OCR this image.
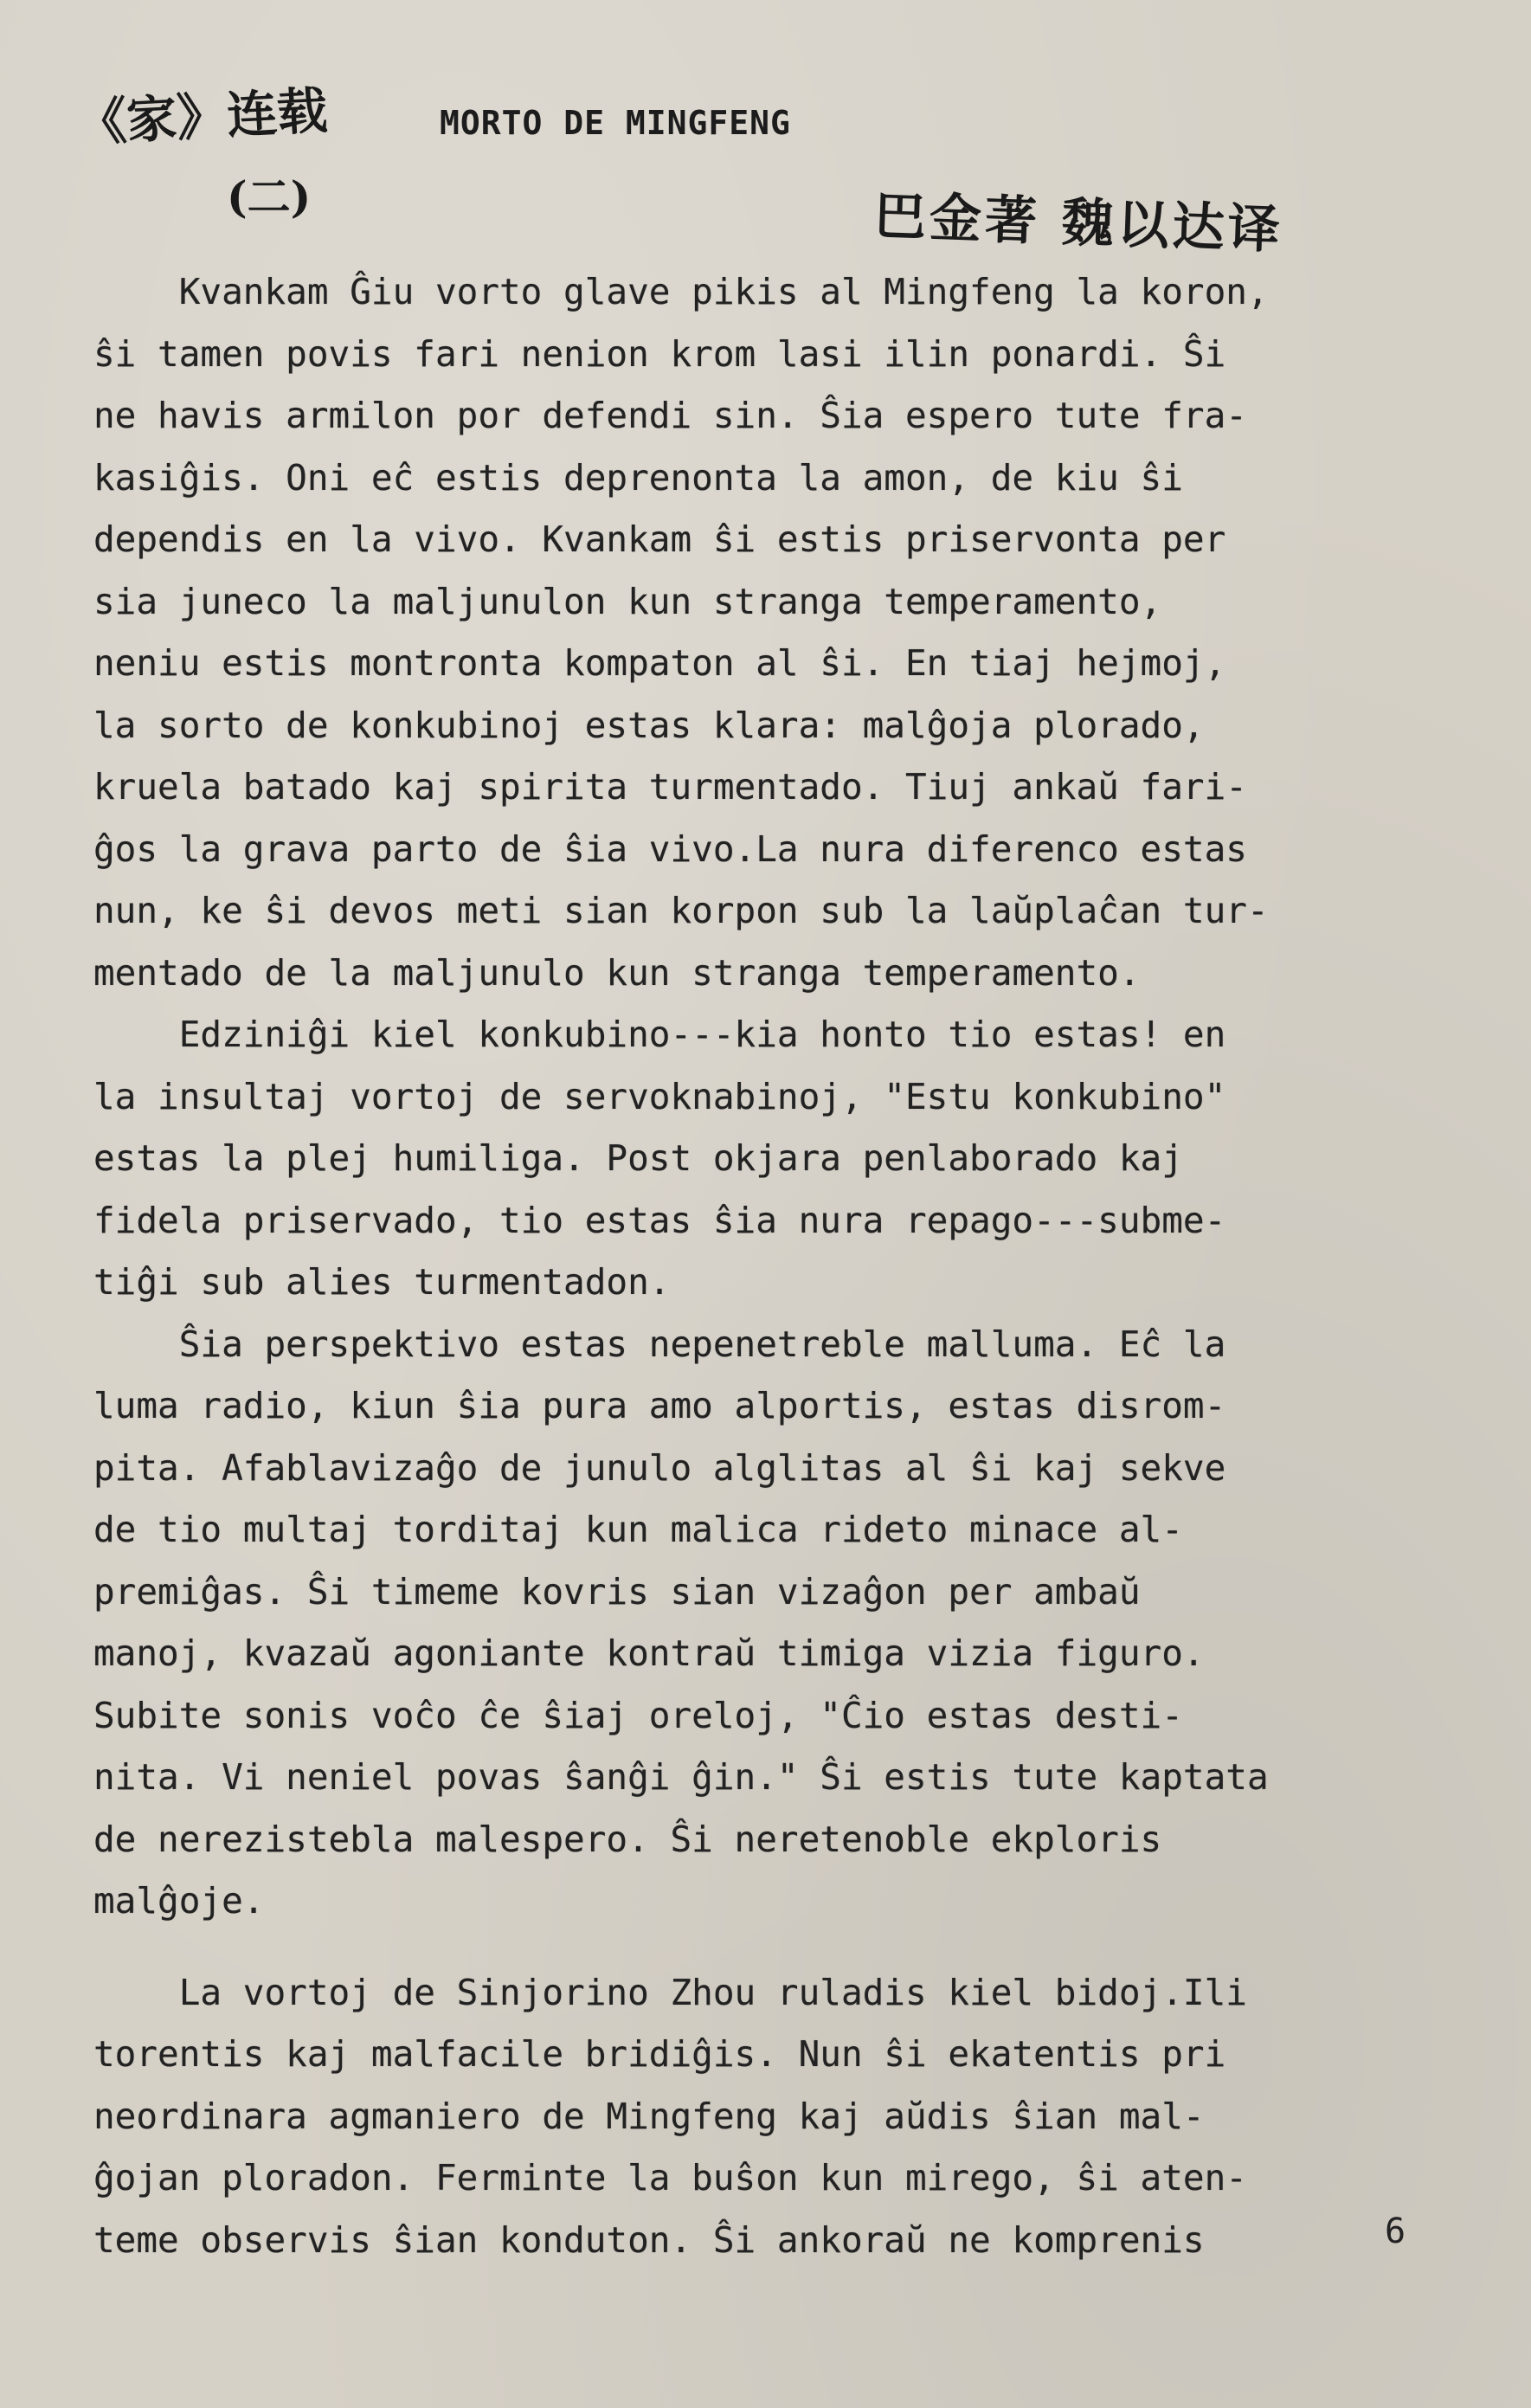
《家》连载
(二)
MORTO DE MINGFENG
巴金著 魏以达译
Kvankam Ĝiu vorto glave pikis al Mingfeng la koron,
ŝi tamen povis fari nenion krom lasi ilin ponardi. Ŝi
ne havis armilon por defendi sin. Ŝia espero tute fra-
kasiĝis. Oni eĉ estis deprenonta la amon, de kiu ŝi
dependis en la vivo. Kvankam ŝi estis priservonta per
sia juneco la maljunulon kun stranga temperamento,
neniu estis montronta kompaton al ŝi. En tiaj hejmoj,
la sorto de konkubinoj estas klara: malĝoja plorado,
kruela batado kaj spirita turmentado. Tiuj ankaŭ fari-
ĝos la grava parto de ŝia vivo.La nura diferenco estas
nun, ke ŝi devos meti sian korpon sub la laŭplaĉan tur-
mentado de la maljunulo kun stranga temperamento.
Edziniĝi kiel konkubino---kia honto tio estas! en
la insultaj vortoj de servoknabinoj, "Estu konkubino"
estas la plej humiliga. Post okjara penlaborado kaj
fidela priservado, tio estas ŝia nura repago---subme-
tiĝi sub alies turmentadon.
Ŝia perspektivo estas nepenetreble malluma. Eĉ la
luma radio, kiun ŝia pura amo alportis, estas disrom-
pita. Afablavizaĝo de junulo alglitas al ŝi kaj sekve
de tio multaj torditaj kun malica rideto minace al-
premiĝas. Ŝi timeme kovris sian vizaĝon per ambaŭ
manoj, kvazaŭ agoniante kontraŭ timiga vizia figuro.
Subite sonis voĉo ĉe ŝiaj oreloj, "Ĉio estas desti-
nita. Vi neniel povas ŝanĝi ĝin." Ŝi estis tute kaptata
de nerezistebla malespero. Ŝi neretenoble ekploris
malĝoje.
La vortoj de Sinjorino Zhou ruladis kiel bidoj.Ili
torentis kaj malfacile bridiĝis. Nun ŝi ekatentis pri
neordinara agmaniero de Mingfeng kaj aŭdis ŝian mal-
ĝojan ploradon. Ferminte la buŝon kun mirego, ŝi aten-
teme observis ŝian konduton. Ŝi ankoraŭ ne komprenis	6
